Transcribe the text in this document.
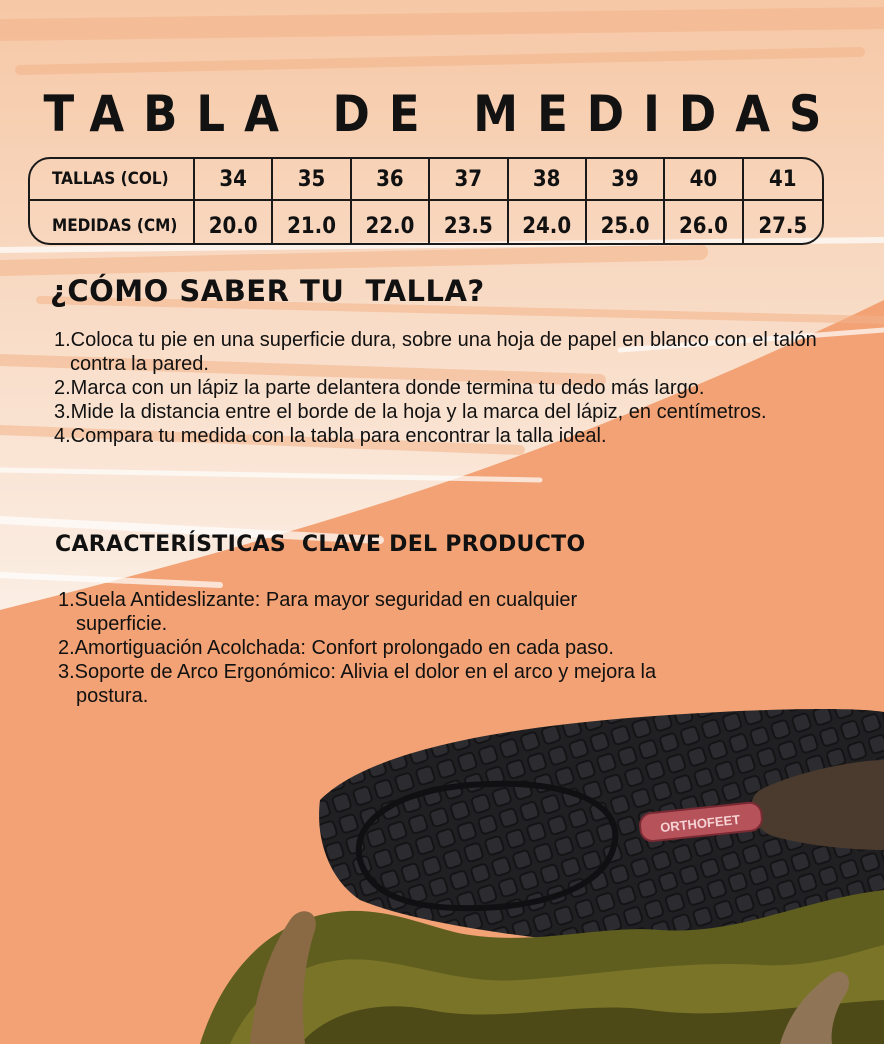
ORTHOFEET
TABLA DE MEDIDAS
TALLAS (COL)	34	35	36	37	38	39	40	41
MEDIDAS (CM)	20.0	21.0	22.0	23.5	24.0	25.0	26.0	27.5
¿CÓMO SABER TU  TALLA?
1.Coloca tu pie en una superficie dura, sobre una hoja de papel en blanco con el talón contra la pared.
2.Marca con un lápiz la parte delantera donde termina tu dedo más largo.
3.Mide la distancia entre el borde de la hoja y la marca del lápiz, en centímetros.
4.Compara tu medida con la tabla para encontrar la talla ideal.
CARACTERÍSTICAS  CLAVE DEL PRODUCTO
1.Suela Antideslizante: Para mayor seguridad en cualquier superficie.
2.Amortiguación Acolchada: Confort prolongado en cada paso.
3.Soporte de Arco Ergonómico: Alivia el dolor en el arco y mejora la postura.
